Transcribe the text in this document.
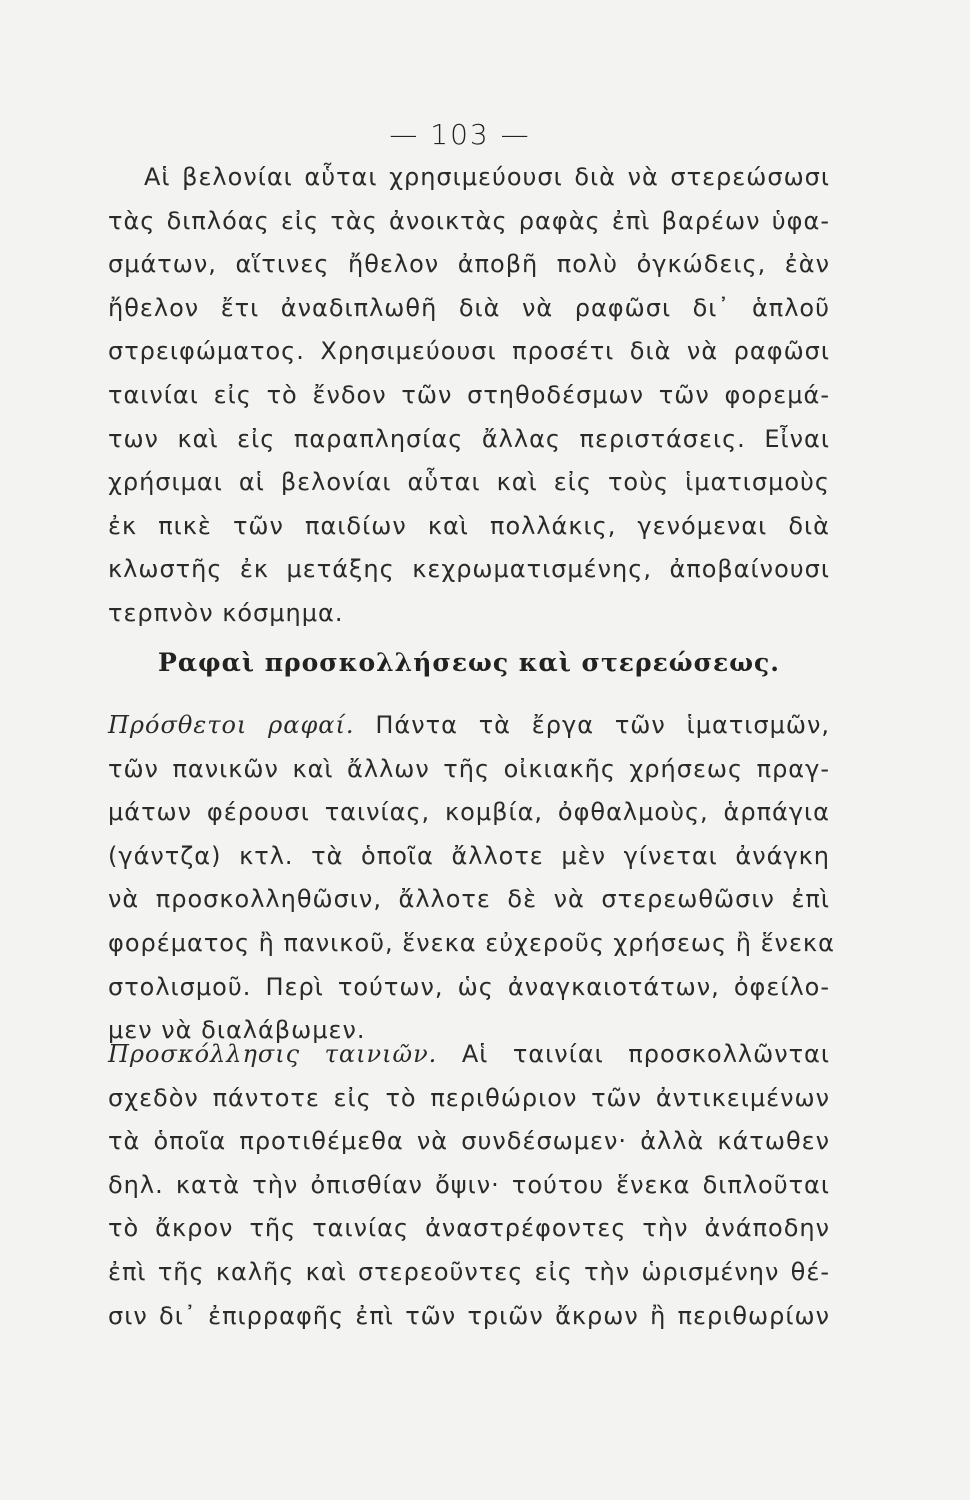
— 103 —
Αἱ βελονίαι αὗται χρησιμεύουσι διὰ νὰ στερεώσωσι
τὰς διπλόας εἰς τὰς ἀνοικτὰς ραφὰς ἐπὶ βαρέων ὑφα-
σμάτων, αἵτινες ἤθελον ἀποβῆ πολὺ ὀγκώδεις, ἐὰν
ἤθελον ἔτι ἀναδιπλωθῆ διὰ νὰ ραφῶσι δι᾽ ἁπλοῦ
στρειφώματος. Χρησιμεύουσι προσέτι διὰ νὰ ραφῶσι
ταινίαι εἰς τὸ ἔνδον τῶν στηθοδέσμων τῶν φορεμά-
των καὶ εἰς παραπλησίας ἄλλας περιστάσεις. Εἶναι
χρήσιμαι αἱ βελονίαι αὗται καὶ εἰς τοὺς ἱματισμοὺς
ἐκ πικὲ τῶν παιδίων καὶ πολλάκις, γενόμεναι διὰ
κλωστῆς ἐκ μετάξης κεχρωματισμένης, ἀποβαίνουσι
τερπνὸν κόσμημα.
Ραφαὶ προσκολλήσεως καὶ στερεώσεως.
Πρόσθετοι ραφαί. Πάντα τὰ ἔργα τῶν ἱματισμῶν,
τῶν πανικῶν καὶ ἄλλων τῆς οἰκιακῆς χρήσεως πραγ-
μάτων φέρουσι ταινίας, κομβία, ὀφθαλμοὺς, ἁρπάγια
(γάντζα) κτλ. τὰ ὁποῖα ἄλλοτε μὲν γίνεται ἀνάγκη
νὰ προσκολληθῶσιν, ἄλλοτε δὲ νὰ στερεωθῶσιν ἐπὶ
φορέματος ἢ πανικοῦ, ἕνεκα εὐχεροῦς χρήσεως ἢ ἕνεκα
στολισμοῦ. Περὶ τούτων, ὡς ἀναγκαιοτάτων, ὀφείλο-
μεν νὰ διαλάβωμεν.
Προσκόλλησις ταινιῶν. Αἱ ταινίαι προσκολλῶνται
σχεδὸν πάντοτε εἰς τὸ περιθώριον τῶν ἀντικειμένων
τὰ ὁποῖα προτιθέμεθα νὰ συνδέσωμεν· ἀλλὰ κάτωθεν
δηλ. κατὰ τὴν ὀπισθίαν ὄψιν· τούτου ἕνεκα διπλοῦται
τὸ ἄκρον τῆς ταινίας ἀναστρέφοντες τὴν ἀνάποδην
ἐπὶ τῆς καλῆς καὶ στερεοῦντες εἰς τὴν ὡρισμένην θέ-
σιν δι᾽ ἐπιρραφῆς ἐπὶ τῶν τριῶν ἄκρων ἢ περιθωρίων
